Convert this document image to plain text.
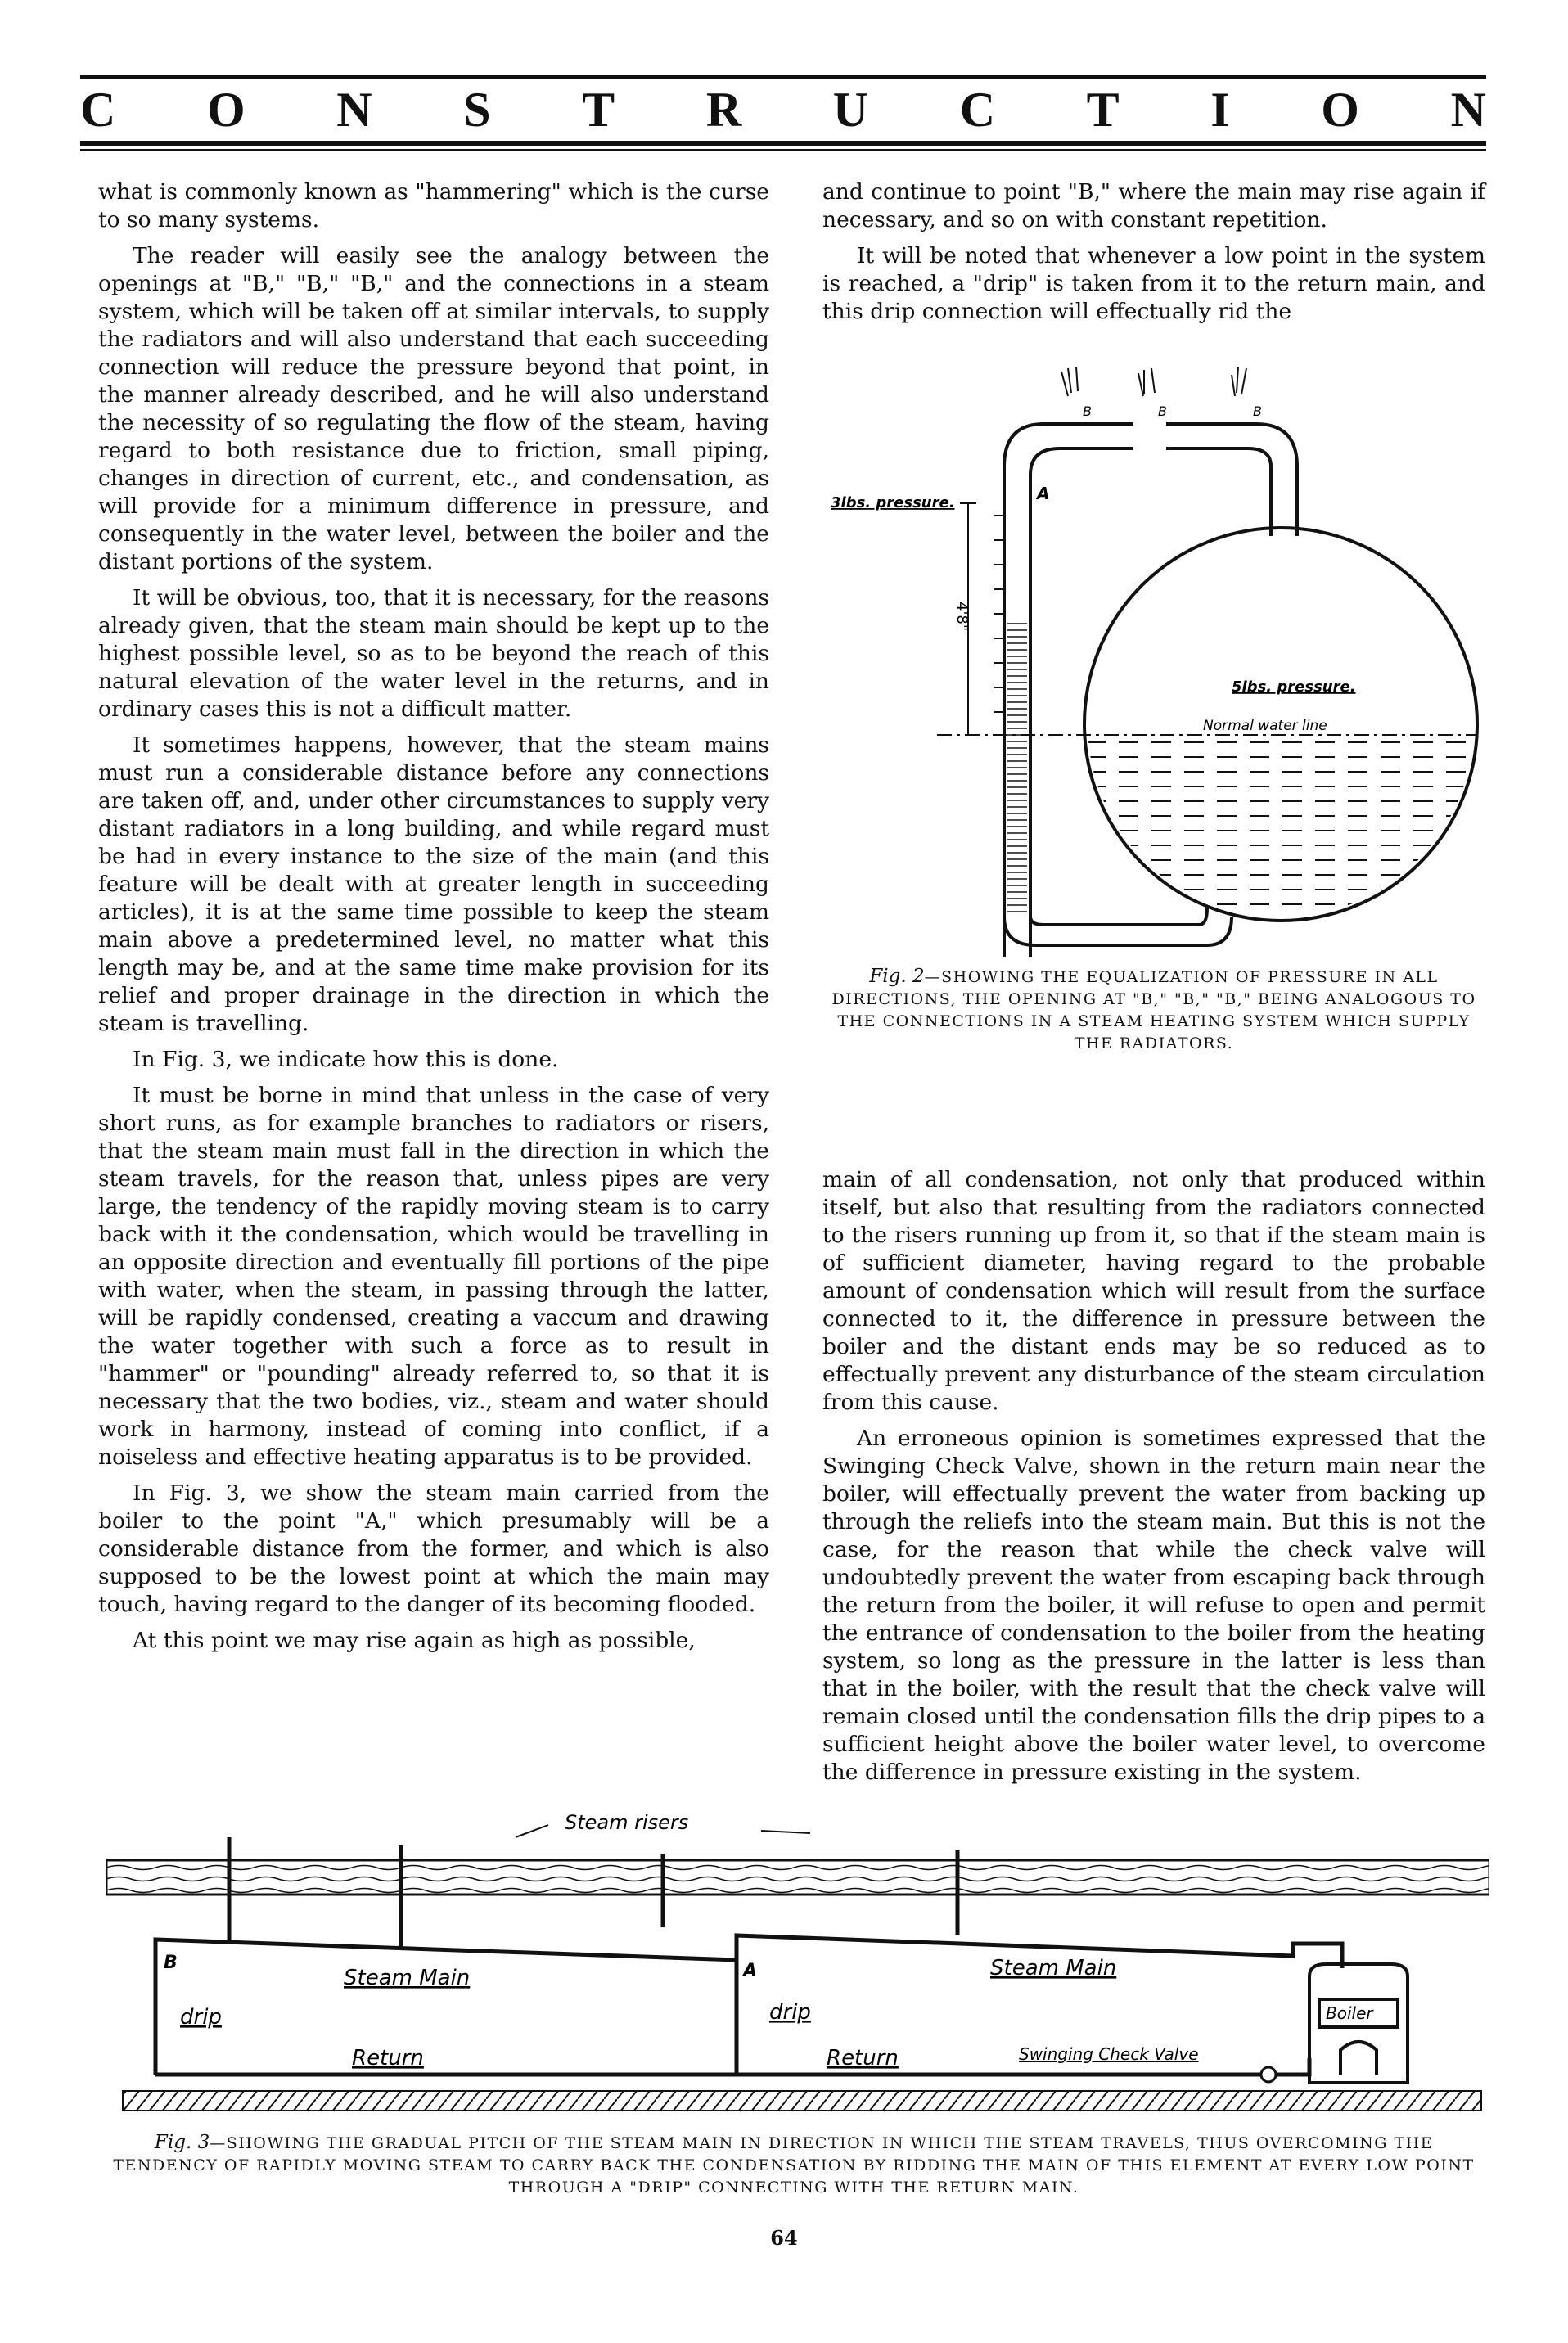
C O N S T R U C T I O N

what is commonly known as "hammering" which is the curse to so many systems.

The reader will easily see the analogy between the openings at "B," "B," "B," and the connections in a steam system, which will be taken off at similar intervals, to supply the radiators and will also understand that each succeeding connection will reduce the pressure beyond that point, in the manner already described, and he will also understand the necessity of so regulating the flow of the steam, having regard to both resistance due to friction, small piping, changes in direction of current, etc., and condensation, as will provide for a minimum difference in pressure, and consequently in the water level, between the boiler and the distant portions of the system.

It will be obvious, too, that it is necessary, for the reasons already given, that the steam main should be kept up to the highest possible level, so as to be beyond the reach of this natural elevation of the water level in the returns, and in ordinary cases this is not a difficult matter.

It sometimes happens, however, that the steam mains must run a considerable distance before any connections are taken off, and, under other circumstances to supply very distant radiators in a long building, and while regard must be had in every instance to the size of the main (and this feature will be dealt with at greater length in succeeding articles), it is at the same time possible to keep the steam main above a predetermined level, no matter what this length may be, and at the same time make provision for its relief and proper drainage in the direction in which the steam is travelling.

In Fig. 3, we indicate how this is done.

It must be borne in mind that unless in the case of very short runs, as for example branches to radiators or risers, that the steam main must fall in the direction in which the steam travels, for the reason that, unless pipes are very large, the tendency of the rapidly moving steam is to carry back with it the condensation, which would be travelling in an opposite direction and eventually fill portions of the pipe with water, when the steam, in passing through the latter, will be rapidly condensed, creating a vaccum and drawing the water together with such a force as to result in "hammer" or "pounding" already referred to, so that it is necessary that the two bodies, viz., steam and water should work in harmony, instead of coming into conflict, if a noiseless and effective heating apparatus is to be provided.

In Fig. 3, we show the steam main carried from the boiler to the point "A," which presumably will be a considerable distance from the former, and which is also supposed to be the lowest point at which the main may touch, having regard to the danger of its becoming flooded.

At this point we may rise again as high as possible,

and continue to point "B," where the main may rise again if necessary, and so on with constant repetition.

It will be noted that whenever a low point in the system is reached, a "drip" is taken from it to the return main, and this drip connection will effectually rid the

B	B	B
Normal water line
3lbs. pressure.
5lbs. pressure.
A
4'8"
Fig. 2—SHOWING THE EQUALIZATION OF PRESSURE IN ALL DIRECTIONS, THE OPENING AT "B," "B," "B," BEING ANALOGOUS TO THE CONNECTIONS IN A STEAM HEATING SYSTEM WHICH SUPPLY THE RADIATORS.

main of all condensation, not only that produced within itself, but also that resulting from the radiators connected to the risers running up from it, so that if the steam main is of sufficient diameter, having regard to the probable amount of condensation which will result from the surface connected to it, the difference in pressure between the boiler and the distant ends may be so reduced as to effectually prevent any disturbance of the steam circulation from this cause.

An erroneous opinion is sometimes expressed that the Swinging Check Valve, shown in the return main near the boiler, will effectually prevent the water from backing up through the reliefs into the steam main. But this is not the case, for the reason that while the check valve will undoubtedly prevent the water from escaping back through the return from the boiler, it will refuse to open and permit the entrance of condensation to the boiler from the heating system, so long as the pressure in the latter is less than that in the boiler, with the result that the check valve will remain closed until the condensation fills the drip pipes to a sufficient height above the boiler water level, to overcome the difference in pressure existing in the system.

Steam risers
Boiler
B	A
Steam Main	Steam Main
drip	drip
Return	Return	Swinging Check Valve
Fig. 3—SHOWING THE GRADUAL PITCH OF THE STEAM MAIN IN DIRECTION IN WHICH THE STEAM TRAVELS, THUS OVERCOMING THE TENDENCY OF RAPIDLY MOVING STEAM TO CARRY BACK THE CONDENSATION BY RIDDING THE MAIN OF THIS ELEMENT AT EVERY LOW POINT THROUGH A "DRIP" CONNECTING WITH THE RETURN MAIN.
64
